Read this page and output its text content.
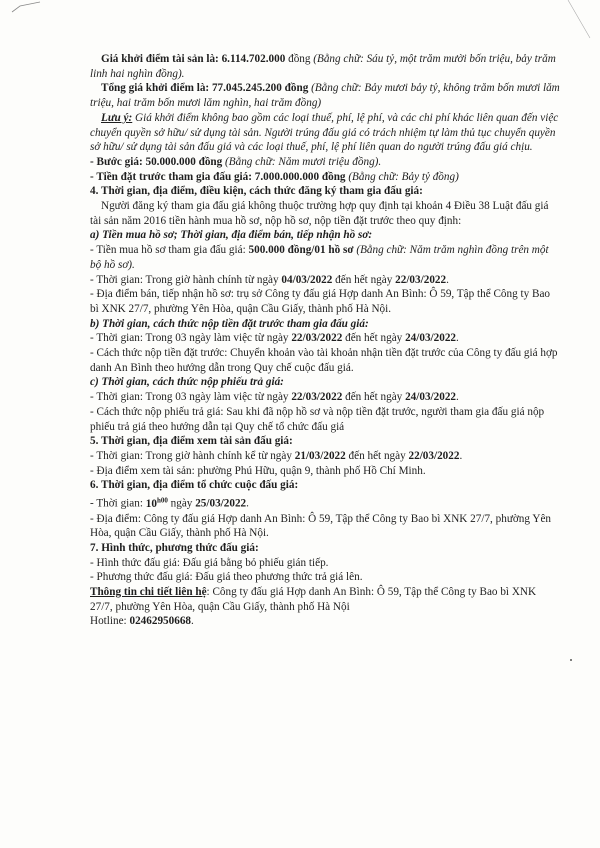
Giá khởi điểm tài sản là: 6.114.702.000 đồng (Bằng chữ: Sáu tỷ, một trăm mười bốn triệu, bảy trăm linh hai nghìn đồng).

Tổng giá khởi điểm là: 77.045.245.200 đồng (Bằng chữ: Bảy mươi bảy tỷ, không trăm bốn mươi lăm triệu, hai trăm bốn mươi lăm nghìn, hai trăm đồng)

Lưu ý: Giá khởi điểm không bao gồm các loại thuế, phí, lệ phí, và các chi phí khác liên quan đến việc chuyển quyền sở hữu/ sử dụng tài sản. Người trúng đấu giá có trách nhiệm tự làm thủ tục chuyển quyền sở hữu/ sử dụng tài sản đấu giá và các loại thuế, phí, lệ phí liên quan do người trúng đấu giá chịu.

- Bước giá: 50.000.000 đồng (Bằng chữ: Năm mươi triệu đồng).

- Tiền đặt trước tham gia đấu giá: 7.000.000.000 đồng (Bằng chữ: Bảy tỷ đồng)

4. Thời gian, địa điểm, điều kiện, cách thức đăng ký tham gia đấu giá:

Người đăng ký tham gia đấu giá không thuộc trường hợp quy định tại khoản 4 Điều 38 Luật đấu giá tài sản năm 2016 tiền hành mua hồ sơ, nộp hồ sơ, nộp tiền đặt trước theo quy định:

a) Tiền mua hồ sơ; Thời gian, địa điểm bán, tiếp nhận hồ sơ:

- Tiền mua hồ sơ tham gia đấu giá: 500.000 đồng/01 hồ sơ (Bằng chữ: Năm trăm nghìn đồng trên một bộ hồ sơ).

- Thời gian: Trong giờ hành chính từ ngày 04/03/2022 đến hết ngày 22/03/2022.

- Địa điểm bán, tiếp nhận hồ sơ: trụ sở Công ty đấu giá Hợp danh An Bình: Ô 59, Tập thể Công ty Bao bì XNK 27/7, phường Yên Hòa, quận Cầu Giấy, thành phố Hà Nội.

b) Thời gian, cách thức nộp tiền đặt trước tham gia đấu giá:

- Thời gian: Trong 03 ngày làm việc từ ngày 22/03/2022 đến hết ngày 24/03/2022.

- Cách thức nộp tiền đặt trước: Chuyển khoản vào tài khoản nhận tiền đặt trước của Công ty đấu giá hợp danh An Bình theo hướng dẫn trong Quy chế cuộc đấu giá.

c) Thời gian, cách thức nộp phiếu trả giá:

- Thời gian: Trong 03 ngày làm việc từ ngày 22/03/2022 đến hết ngày 24/03/2022.

- Cách thức nộp phiếu trả giá: Sau khi đã nộp hồ sơ và nộp tiền đặt trước, người tham gia đấu giá nộp phiếu trả giá theo hướng dẫn tại Quy chế tổ chức đấu giá

5. Thời gian, địa điểm xem tài sản đấu giá:

- Thời gian: Trong giờ hành chính kể từ ngày 21/03/2022 đến hết ngày 22/03/2022.

- Địa điểm xem tài sản: phường Phú Hữu, quận 9, thành phố Hồ Chí Minh.

6. Thời gian, địa điểm tổ chức cuộc đấu giá:

- Thời gian: $10^{h00}$ ngày 25/03/2022.

- Địa điểm: Công ty đấu giá Hợp danh An Bình: Ô 59, Tập thể Công ty Bao bì XNK 27/7, phường Yên Hòa, quận Cầu Giấy, thành phố Hà Nội.

7. Hình thức, phương thức đấu giá:

- Hình thức đấu giá: Đấu giá bằng bỏ phiếu gián tiếp.

- Phương thức đấu giá: Đấu giá theo phương thức trả giá lên.

Thông tin chi tiết liên hệ: Công ty đấu giá Hợp danh An Bình: Ô 59, Tập thể Công ty Bao bì XNK 27/7, phường Yên Hòa, quận Cầu Giấy, thành phố Hà Nội

Hotline: 02462950668.
